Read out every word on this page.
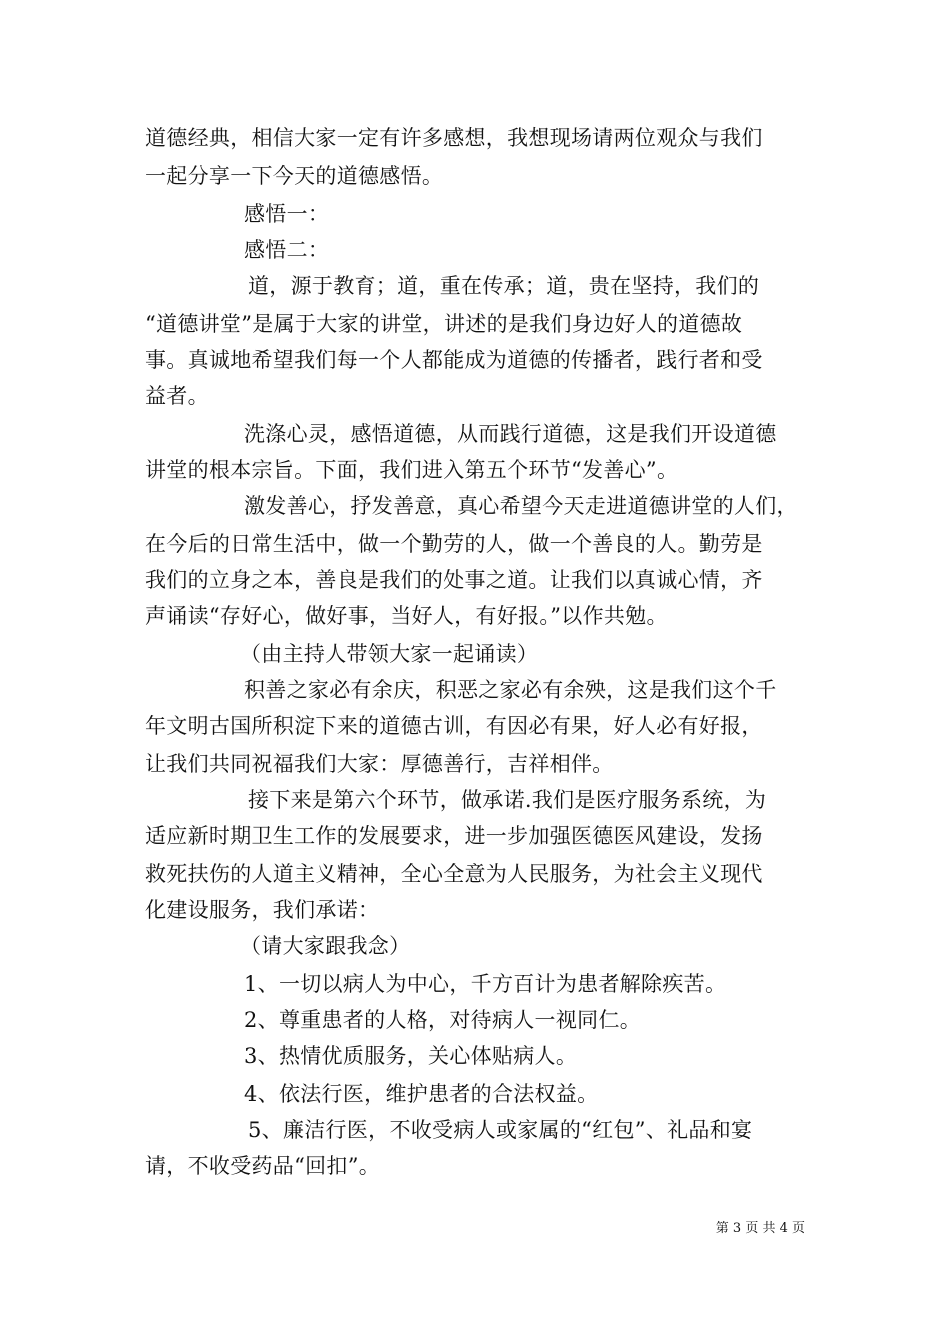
道德经典，相信大家一定有许多感想，我想现场请两位观众与我们
一起分享一下今天的道德感悟。
感悟一：
感悟二：
道，源于教育；道，重在传承；道，贵在坚持，我们的
“道德讲堂”是属于大家的讲堂，讲述的是我们身边好人的道德故
事。真诚地希望我们每一个人都能成为道德的传播者，践行者和受
益者。
洗涤心灵，感悟道德，从而践行道德，这是我们开设道德
讲堂的根本宗旨。下面，我们进入第五个环节“发善心”。
激发善心，抒发善意，真心希望今天走进道德讲堂的人们，
在今后的日常生活中，做一个勤劳的人，做一个善良的人。勤劳是
我们的立身之本，善良是我们的处事之道。让我们以真诚心情，齐
声诵读“存好心，做好事，当好人，有好报。”以作共勉。
（由主持人带领大家一起诵读）
积善之家必有余庆，积恶之家必有余殃，这是我们这个千
年文明古国所积淀下来的道德古训，有因必有果，好人必有好报，
让我们共同祝福我们大家：厚德善行，吉祥相伴。
接下来是第六个环节，做承诺.我们是医疗服务系统，为
适应新时期卫生工作的发展要求，进一步加强医德医风建设，发扬
救死扶伤的人道主义精神，全心全意为人民服务，为社会主义现代
化建设服务，我们承诺：
（请大家跟我念）
1、一切以病人为中心，千方百计为患者解除疾苦。
2、尊重患者的人格，对待病人一视同仁。
3、热情优质服务，关心体贴病人。
4、依法行医，维护患者的合法权益。
5、廉洁行医，不收受病人或家属的“红包”、礼品和宴
请，不收受药品“回扣”。
第 3 页 共 4 页
